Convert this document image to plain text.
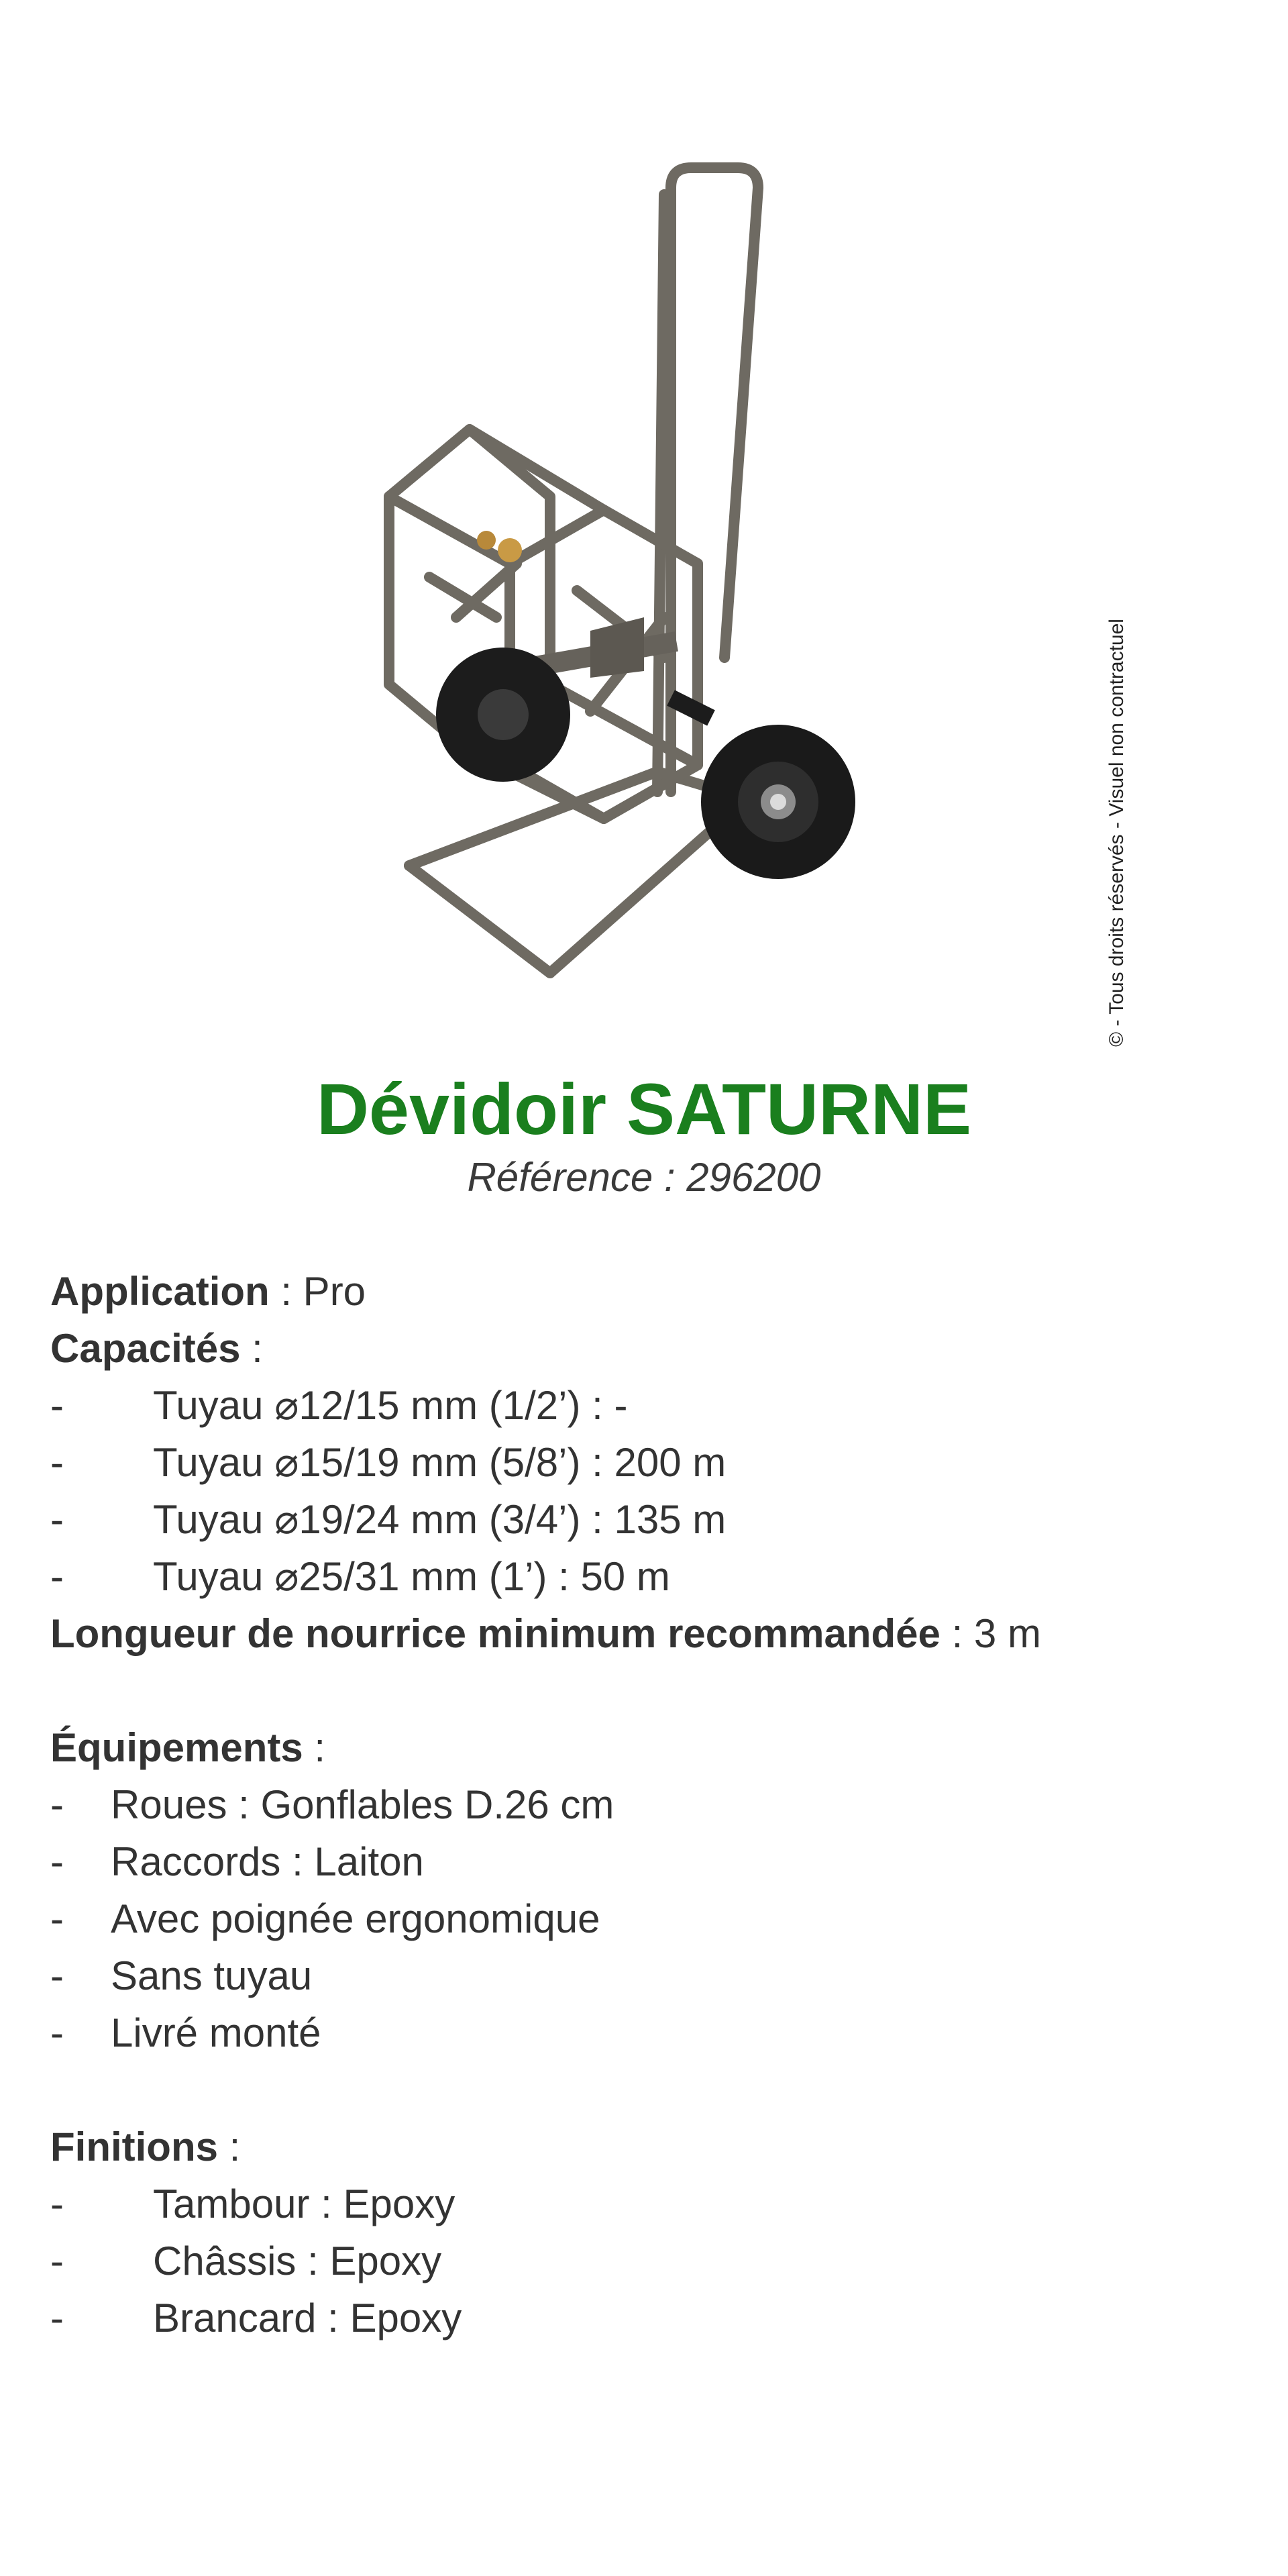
© - Tous droits réservés - Visuel non contractuel
Dévidoir SATURNE
Référence : 296200
Application : Pro
Capacités :
- Tuyau ⌀12/15 mm (1/2’) : -
- Tuyau ⌀15/19 mm (5/8’) : 200 m
- Tuyau ⌀19/24 mm (3/4’) : 135 m
- Tuyau ⌀25/31 mm (1’) : 50 m
Longueur de nourrice minimum recommandée : 3 m
Équipements :
- Roues : Gonflables D.26 cm
- Raccords : Laiton
- Avec poignée ergonomique
- Sans tuyau
- Livré monté
Finitions :
- Tambour : Epoxy
- Châssis : Epoxy
- Brancard : Epoxy
